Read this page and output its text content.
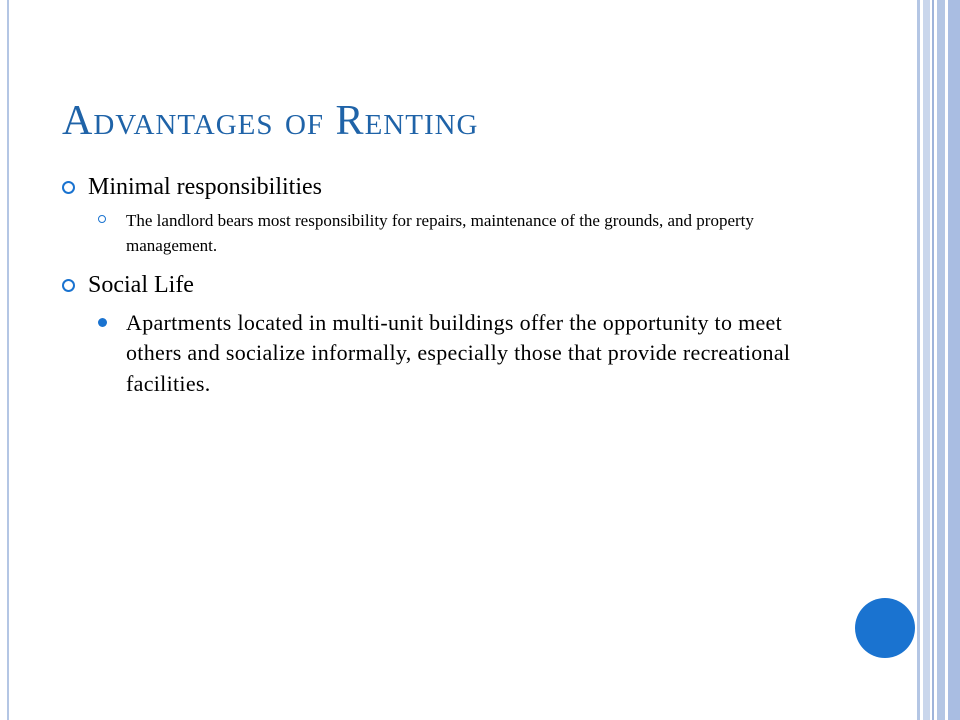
Advantages of Renting
Minimal responsibilities
The landlord bears most responsibility for repairs, maintenance of the grounds, and property management.
Social Life
Apartments located in multi-unit buildings offer the opportunity to meet others and socialize informally, especially those that provide recreational facilities.
